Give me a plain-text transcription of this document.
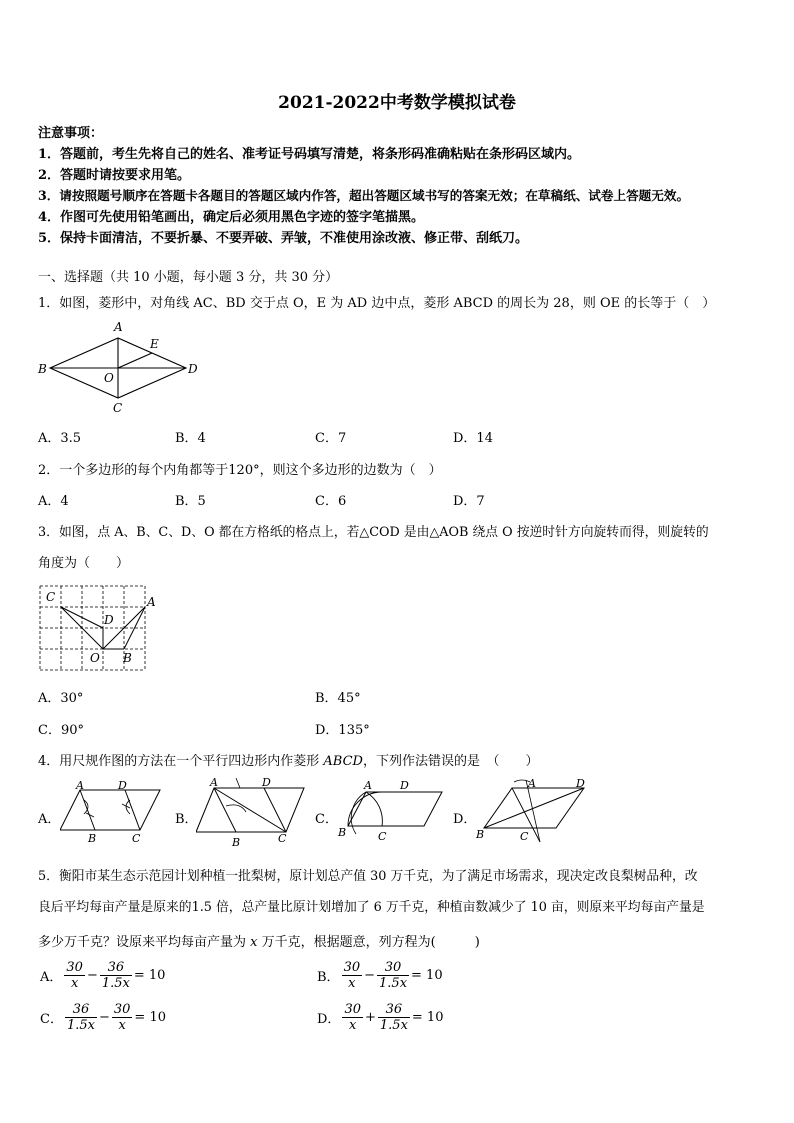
2021-2022中考数学模拟试卷
注意事项：
1．答题前，考生先将自己的姓名、准考证号码填写清楚，将条形码准确粘贴在条形码区域内。
2．答题时请按要求用笔。
3．请按照题号顺序在答题卡各题目的答题区域内作答，超出答题区域书写的答案无效；在草稿纸、试卷上答题无效。
4．作图可先使用铅笔画出，确定后必须用黑色字迹的签字笔描黑。
5．保持卡面清洁，不要折暴、不要弄破、弄皱，不准使用涂改液、修正带、刮纸刀。
一、选择题（共 10 小题，每小题 3 分，共 30 分）
1．如图，菱形中，对角线 AC、BD 交于点 O，E 为 AD 边中点，菱形 ABCD 的周长为 28，则 OE 的长等于（　）
A
B
C
D
E
O
A．3.5	B．4	C．7	D．14
2．一个多边形的每个内角都等于120°，则这个多边形的边数为（　）
A．4	B．5	C．6	D．7
3．如图，点 A、B、C、D、O 都在方格纸的格点上，若△COD 是由△AOB 绕点 O 按逆时针方向旋转而得，则旋转的
角度为（　　）
C	A
D
O B
A．30°	B．45°
C．90°	D．135°
4．用尺规作图的方法在一个平行四边形内作菱形 ABCD，下列作法错误的是　（　　）
A．
A	D
B	C
B．
A	D
B	C
C．
A	D
B	C
D．
A	D
B	C
5．衡阳市某生态示范园计划种植一批梨树，原计划总产值 30 万千克，为了满足市场需求，现决定改良梨树品种，改
良后平均每亩产量是原来的1.5 倍，总产量比原计划增加了 6 万千克，种植亩数减少了 10 亩，则原来平均每亩产量是
多少万千克？设原来平均每亩产量为 x 万千克，根据题意，列方程为(　　　)
A． $\frac{30}{x} - \frac{36}{1.5x} = 10$	B． $\frac{30}{x} - \frac{30}{1.5x} = 10$
C． $\frac{36}{1.5x} - \frac{30}{x} = 10$	D． $\frac{30}{x} + \frac{36}{1.5x} = 10$
